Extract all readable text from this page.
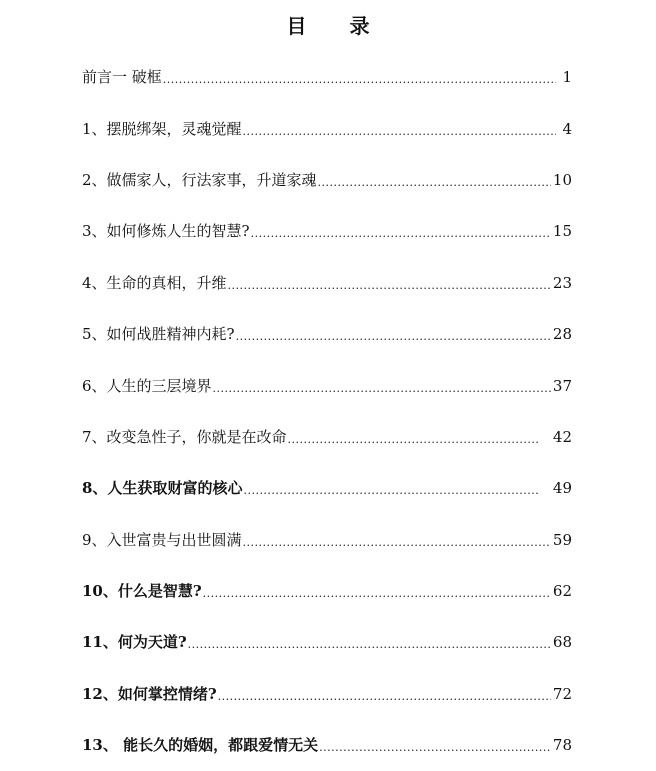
目 录
前言一 破框 .....	1
1、摆脱绑架，灵魂觉醒 .....	4
2、做儒家人，行法家事，升道家魂 .....	10
3、如何修炼人生的智慧? .....	15
4、生命的真相，升维 .....	23
5、如何战胜精神内耗? .....	28
6、人生的三层境界 .....	37
7、改变急性子，你就是在改命 .....	42
8、人生获取财富的核心 .....	49
9、入世富贵与出世圆满 .....	59
10、什么是智慧? .....	62
11、何为天道? .....	68
12、如何掌控情绪? .....	72
13、 能长久的婚姻，都跟爱情无关 .....	78
